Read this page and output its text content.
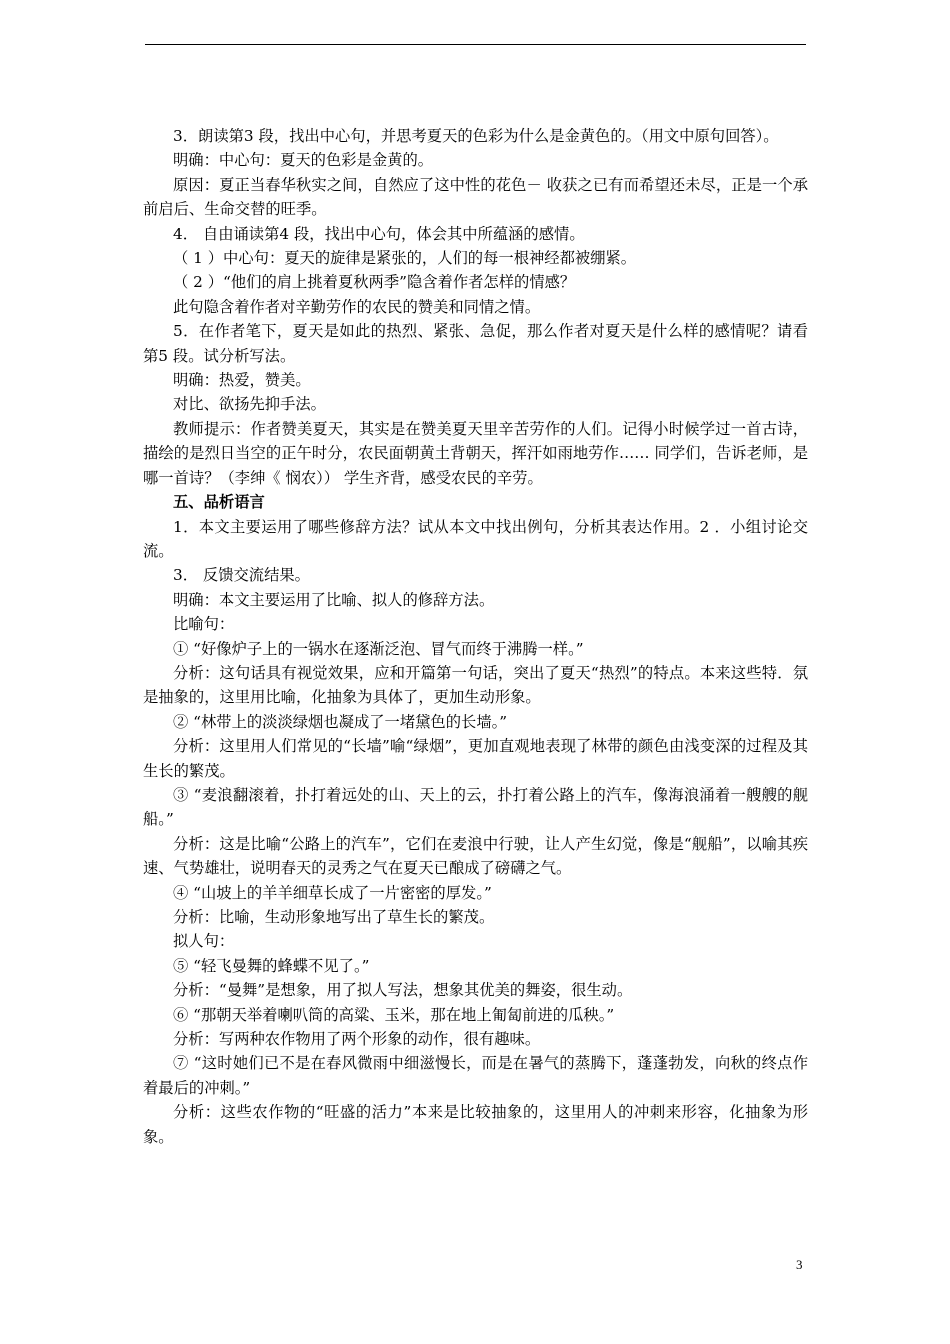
3．朗读第3 段，找出中心句，并思考夏天的色彩为什么是金黄色的。（用文中原句回答）。

明确：中心句：夏天的色彩是金黄的。

原因：夏正当春华秋实之间，自然应了这中性的花色－ 收获之已有而希望还未尽，正是一个承前启后、生命交替的旺季。

4． 自由诵读第4 段，找出中心句，体会其中所蕴涵的感情。

（ 1 ）中心句：夏天的旋律是紧张的，人们的每一根神经都被绷紧。

（ 2 ）“他们的肩上挑着夏秋两季”隐含着作者怎样的情感？

此句隐含着作者对辛勤劳作的农民的赞美和同情之情。

5．在作者笔下，夏天是如此的热烈、紧张、急促，那么作者对夏天是什么样的感情呢？请看第5 段。试分析写法。

明确：热爱，赞美。

对比、欲扬先抑手法。

教师提示：作者赞美夏天，其实是在赞美夏天里辛苦劳作的人们。记得小时候学过一首古诗，描绘的是烈日当空的正午时分，农民面朝黄土背朝天，挥汗如雨地劳作…… 同学们，告诉老师，是哪一首诗？（李绅《 悯农）） 学生齐背，感受农民的辛劳。

五、品析语言

1．本文主要运用了哪些修辞方法？试从本文中找出例句，分析其表达作用。2 ．小组讨论交流。

3． 反馈交流结果。

明确：本文主要运用了比喻、拟人的修辞方法。

比喻句：

① “好像炉子上的一锅水在逐渐泛泡、冒气而终于沸腾一样。”

分析：这句话具有视觉效果，应和开篇第一句话，突出了夏天“热烈”的特点。本来这些特．氛是抽象的，这里用比喻，化抽象为具体了，更加生动形象。

② “林带上的淡淡绿烟也凝成了一堵黛色的长墙。”

分析：这里用人们常见的“长墙”喻“绿烟”，更加直观地表现了林带的颜色由浅变深的过程及其生长的繁茂。

③ “麦浪翻滚着，扑打着远处的山、天上的云，扑打着公路上的汽车，像海浪涌着一艘艘的舰船。”

分析：这是比喻“公路上的汽车”，它们在麦浪中行驶，让人产生幻觉，像是“舰船”，以喻其疾速、气势雄壮，说明春天的灵秀之气在夏天已酿成了磅礴之气。

④ “山坡上的羊羊细草长成了一片密密的厚发。”

分析：比喻，生动形象地写出了草生长的繁茂。

拟人句：

⑤ “轻飞曼舞的蜂蝶不见了。”

分析：“曼舞”是想象，用了拟人写法，想象其优美的舞姿，很生动。

⑥ “那朝天举着喇叭筒的高粱、玉米，那在地上匍匐前进的瓜秧。”

分析：写两种农作物用了两个形象的动作，很有趣味。

⑦ “这时她们已不是在春风微雨中细滋慢长，而是在暑气的蒸腾下，蓬蓬勃发，向秋的终点作着最后的冲刺。”

分析：这些农作物的“旺盛的活力”本来是比较抽象的，这里用人的冲刺来形容，化抽象为形象。

3
